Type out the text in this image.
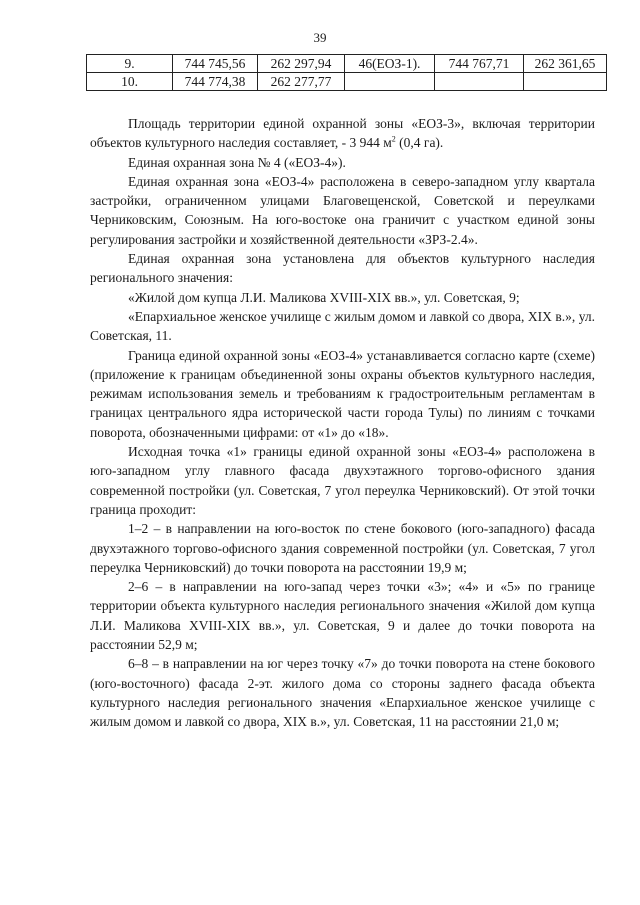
39
9.	744 745,56	262 297,94	46(ЕОЗ-1).	744 767,71	262 361,65
10.	744 774,38	262 277,77			

Площадь территории единой охранной зоны «ЕОЗ-3», включая территории объектов культурного наследия составляет, - 3 944 $м^2$ (0,4 га).

Единая охранная зона № 4 («ЕОЗ-4»).

Единая охранная зона «ЕОЗ-4» расположена в северо-западном углу квартала застройки, ограниченном улицами Благовещенской, Советской и переулками Черниковским, Союзным. На юго-востоке она граничит с участком единой зоны регулирования застройки и хозяйственной деятельности «ЗРЗ-2.4».

Единая охранная зона установлена для объектов культурного наследия регионального значения:

«Жилой дом купца Л.И. Маликова XVIII-XIX вв.», ул. Советская, 9;

«Епархиальное женское училище с жилым домом и лавкой со двора, XIX в.», ул. Советская, 11.

Граница единой охранной зоны «ЕОЗ-4» устанавливается согласно карте (схеме) (приложение к границам объединенной зоны охраны объектов культурного наследия, режимам использования земель и требованиям к градостроительным регламентам в границах центрального ядра исторической части города Тулы) по линиям с точками поворота, обозначенными цифрами: от «1» до «18».

Исходная точка «1» границы единой охранной зоны «ЕОЗ-4» расположена в юго-западном углу главного фасада двухэтажного торгово-офисного здания современной постройки (ул. Советская, 7 угол переулка Черниковский). От этой точки граница проходит:

1–2 – в направлении на юго-восток по стене бокового (юго-западного) фасада двухэтажного торгово-офисного здания современной постройки (ул. Советская, 7 угол переулка Черниковский) до точки поворота на расстоянии 19,9 м;

2–6 – в направлении на юго-запад через точки «3»; «4» и «5» по границе территории объекта культурного наследия регионального значения «Жилой дом купца Л.И. Маликова XVIII-XIX вв.», ул. Советская, 9 и далее до точки поворота на расстоянии 52,9 м;

6–8 – в направлении на юг через точку «7» до точки поворота на стене бокового (юго-восточного) фасада 2-эт. жилого дома со стороны заднего фасада объекта культурного наследия регионального значения «Епархиальное женское училище с жилым домом и лавкой со двора, XIX в.», ул. Советская, 11 на расстоянии 21,0 м;
